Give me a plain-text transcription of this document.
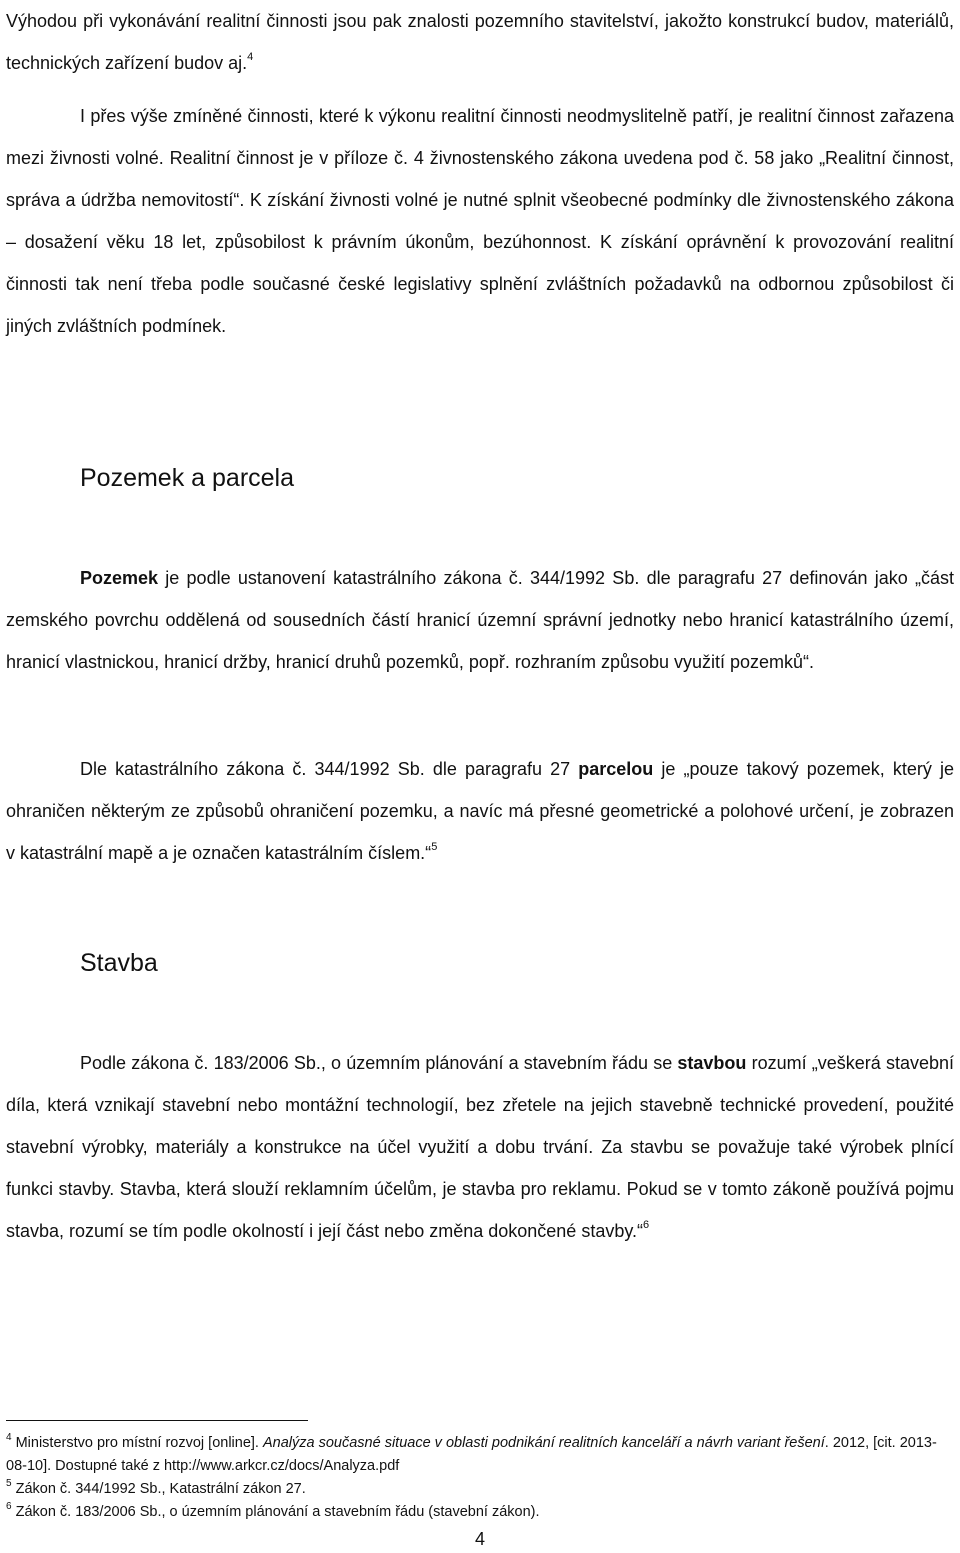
Výhodou při vykonávání realitní činnosti jsou pak znalosti pozemního stavitelství, jakožto konstrukcí budov, materiálů, technických zařízení budov aj.$^4$

I přes výše zmíněné činnosti, které k výkonu realitní činnosti neodmyslitelně patří, je realitní činnost zařazena mezi živnosti volné. Realitní činnost je v příloze č. 4 živnostenského zákona uvedena pod č. 58 jako „Realitní činnost, správa a údržba nemovitostí“. K získání živnosti volné je nutné splnit všeobecné podmínky dle živnostenského zákona – dosažení věku 18 let, způsobilost k právním úkonům, bezúhonnost. K získání oprávnění k provozování realitní činnosti tak není třeba podle současné české legislativy splnění zvláštních požadavků na odbornou způsobilost či jiných zvláštních podmínek.

Pozemek a parcela

Pozemek je podle ustanovení katastrálního zákona č. 344/1992 Sb. dle paragrafu 27 definován jako „část zemského povrchu oddělená od sousedních částí hranicí územní správní jednotky nebo hranicí katastrálního území, hranicí vlastnickou, hranicí držby, hranicí druhů pozemků, popř. rozhraním způsobu využití pozemků“.

Dle katastrálního zákona č. 344/1992 Sb. dle paragrafu 27 parcelou je „pouze takový pozemek, který je ohraničen některým ze způsobů ohraničení pozemku, a navíc má přesné geometrické a polohové určení, je zobrazen v katastrální mapě a je označen katastrálním číslem.“$^5$

Stavba

Podle zákona č. 183/2006 Sb., o územním plánování a stavebním řádu se stavbou rozumí „veškerá stavební díla, která vznikají stavební nebo montážní technologií, bez zřetele na jejich stavebně technické provedení, použité stavební výrobky, materiály a konstrukce na účel využití a dobu trvání. Za stavbu se považuje také výrobek plnící funkci stavby. Stavba, která slouží reklamním účelům, je stavba pro reklamu. Pokud se v tomto zákoně používá pojmu stavba, rozumí se tím podle okolností i její část nebo změna dokončené stavby.“$^6$

$^4$ Ministerstvo pro místní rozvoj [online]. Analýza současné situace v oblasti podnikání realitních kanceláří a návrh variant řešení. 2012, [cit. 2013-08-10]. Dostupné také z http://www.arkcr.cz/docs/Analyza.pdf

$^5$ Zákon č. 344/1992 Sb., Katastrální zákon 27.

$^6$ Zákon č. 183/2006 Sb., o územním plánování a stavebním řádu (stavební zákon).

4
